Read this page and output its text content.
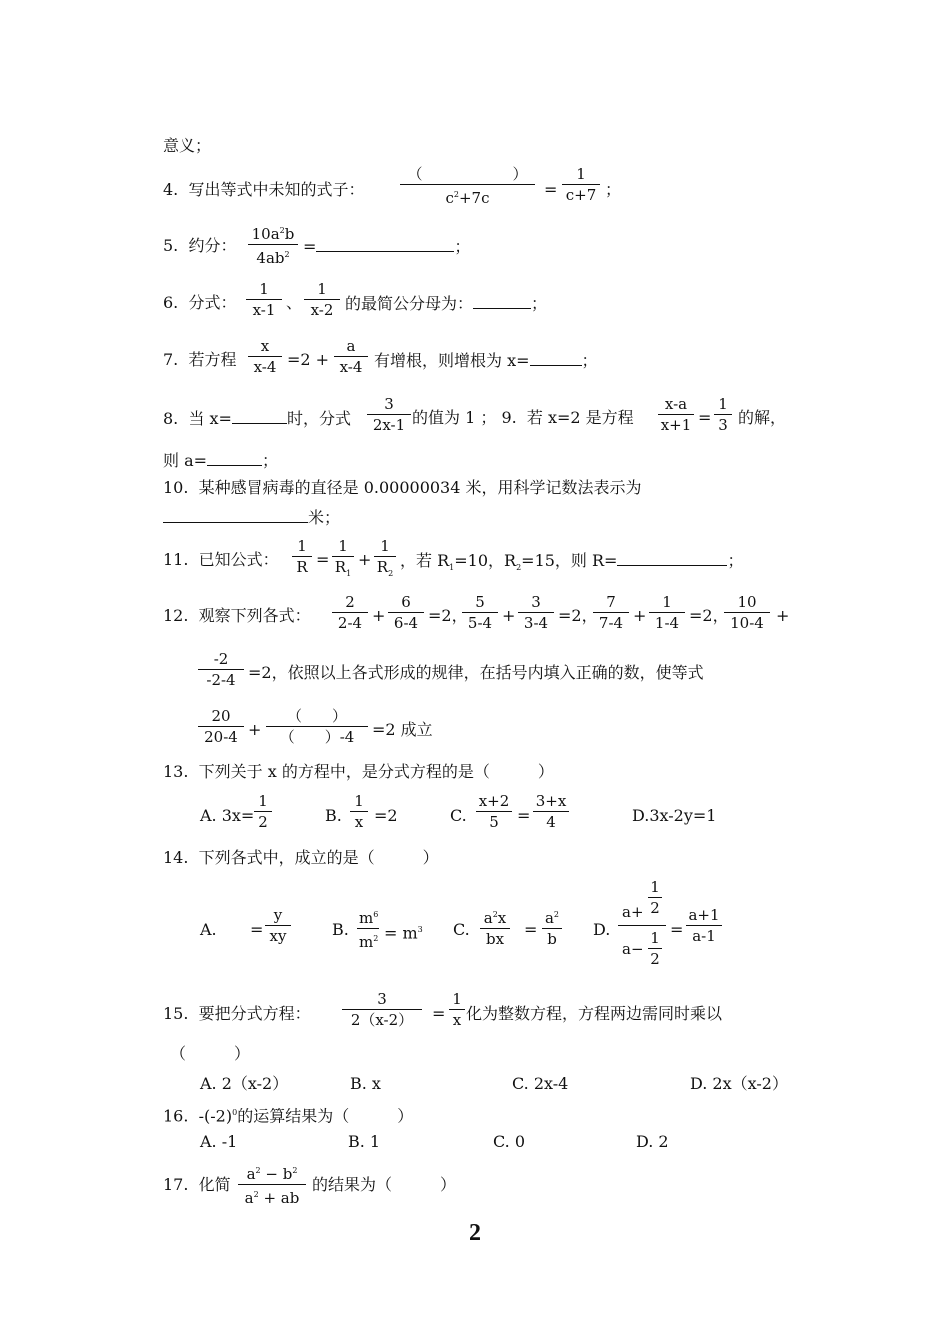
意义；
4. 写出等式中未知的式子：
（　　　　　　）
$c^2+7c$	=
1
c+7 ；
5. 约分：
$10a^2b$
$4ab^2$ =	；
6. 分式：
1
x-1 、
1
x-2 的最简公分母为：	；
7. 若方程
x
x-4 =2 +
a
x-4 有增根，则增根为 x=	；
8. 当 x=	时，分式
3
2x-1 的值为 1 ； 9. 若 x=2 是方程
x-a
x+1 =
1
3 的解，
则 a=	；
10. 某种感冒病毒的直径是 0.00000034 米，用科学记数法表示为
米；
11. 已知公式：
1
R =
1
$R_1$
+
1
$R_2$
，若 $R_1=10$，$R_2=15$，则 R=	；
12. 观察下列各式：
2
2-4 +
6
6-4 =2，
5
5-4 +
3
3-4 =2，
7
7-4 +
1
1-4 =2，
10
10-4 +
-2
-2-4 =2，依照以上各式形成的规律，在括号内填入正确的数，使等式
20
20-4 +
（　　）
（　　）-4	=2 成立
13. 下列关于 x 的方程中，是分式方程的是（　　　）
A. 3x=
1
2	B.
1
x =2	C.
x+2
5	=
3+x
4	D.3x-2y=1
14. 下列各式中，成立的是（　　　）
A. =
y
xy	B.
$m^6$
$m^2 = m^3$ C.
$a^2x$
bx	=
$a^2$
b	D.
a+
1
2
a−
1
2
=
a+1
a-1
15. 要把分式方程：
3
2（x-2）	=
1
x 化为整数方程，方程两边需同时乘以
（　　　）
A. 2（x-2）	B. x	C. 2x-4	D. 2x（x-2）
16. $-(-2)^0$的运算结果为（　　　）
A. -1	B. 1	C. 0	D. 2
17. 化简
$a^2 - b^2$
$a^2$ + ab
的结果为（　　　）
2
